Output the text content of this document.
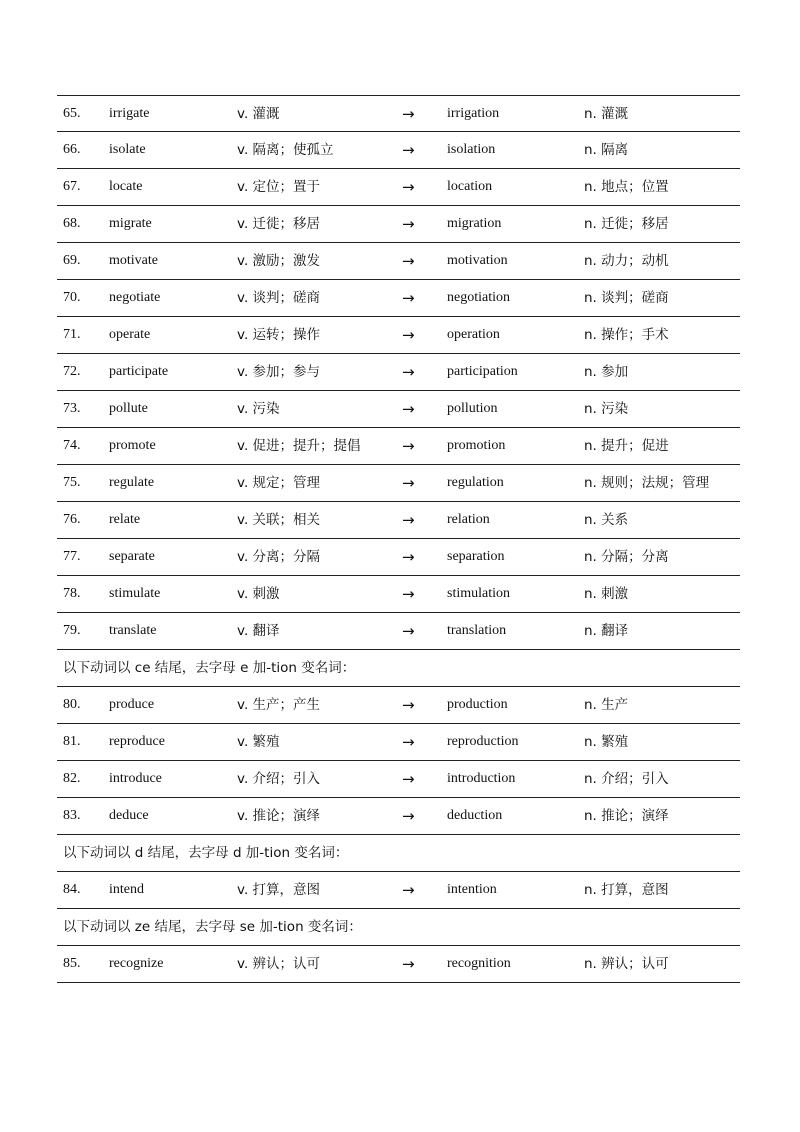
65. irrigate	v. 灌溉	→ irrigation	n. 灌溉
66. isolate	v. 隔离；使孤立	→ isolation	n. 隔离
67. locate	v. 定位；置于	→ location	n. 地点；位置
68. migrate	v. 迁徙；移居	→ migration	n. 迁徙；移居
69. motivate	v. 激励；激发	→ motivation	n. 动力；动机
70. negotiate	v. 谈判；磋商	→ negotiation	n. 谈判；磋商
71. operate	v. 运转；操作	→ operation	n. 操作；手术
72. participate	v. 参加；参与	→ participation	n. 参加
73. pollute	v. 污染	→ pollution	n. 污染
74. promote	v. 促进；提升；提倡	→ promotion	n. 提升；促进
75. regulate	v. 规定；管理	→ regulation	n. 规则；法规；管理
76. relate	v. 关联；相关	→ relation	n. 关系
77. separate	v. 分离；分隔	→ separation	n. 分隔；分离
78. stimulate	v. 刺激	→ stimulation	n. 刺激
79. translate	v. 翻译	→ translation	n. 翻译
以下动词以 ce 结尾，去字母 e 加-tion 变名词：
80. produce	v. 生产；产生	→ production	n. 生产
81. reproduce	v. 繁殖	→ reproduction	n. 繁殖
82. introduce	v. 介绍；引入	→ introduction	n. 介绍；引入
83. deduce	v. 推论；演绎	→ deduction	n. 推论；演绎
以下动词以 d 结尾，去字母 d 加-tion 变名词：
84. intend	v. 打算，意图	→ intention	n. 打算，意图
以下动词以 ze 结尾，去字母 se 加-tion 变名词：
85. recognize	v. 辨认；认可	→ recognition	n. 辨认；认可
